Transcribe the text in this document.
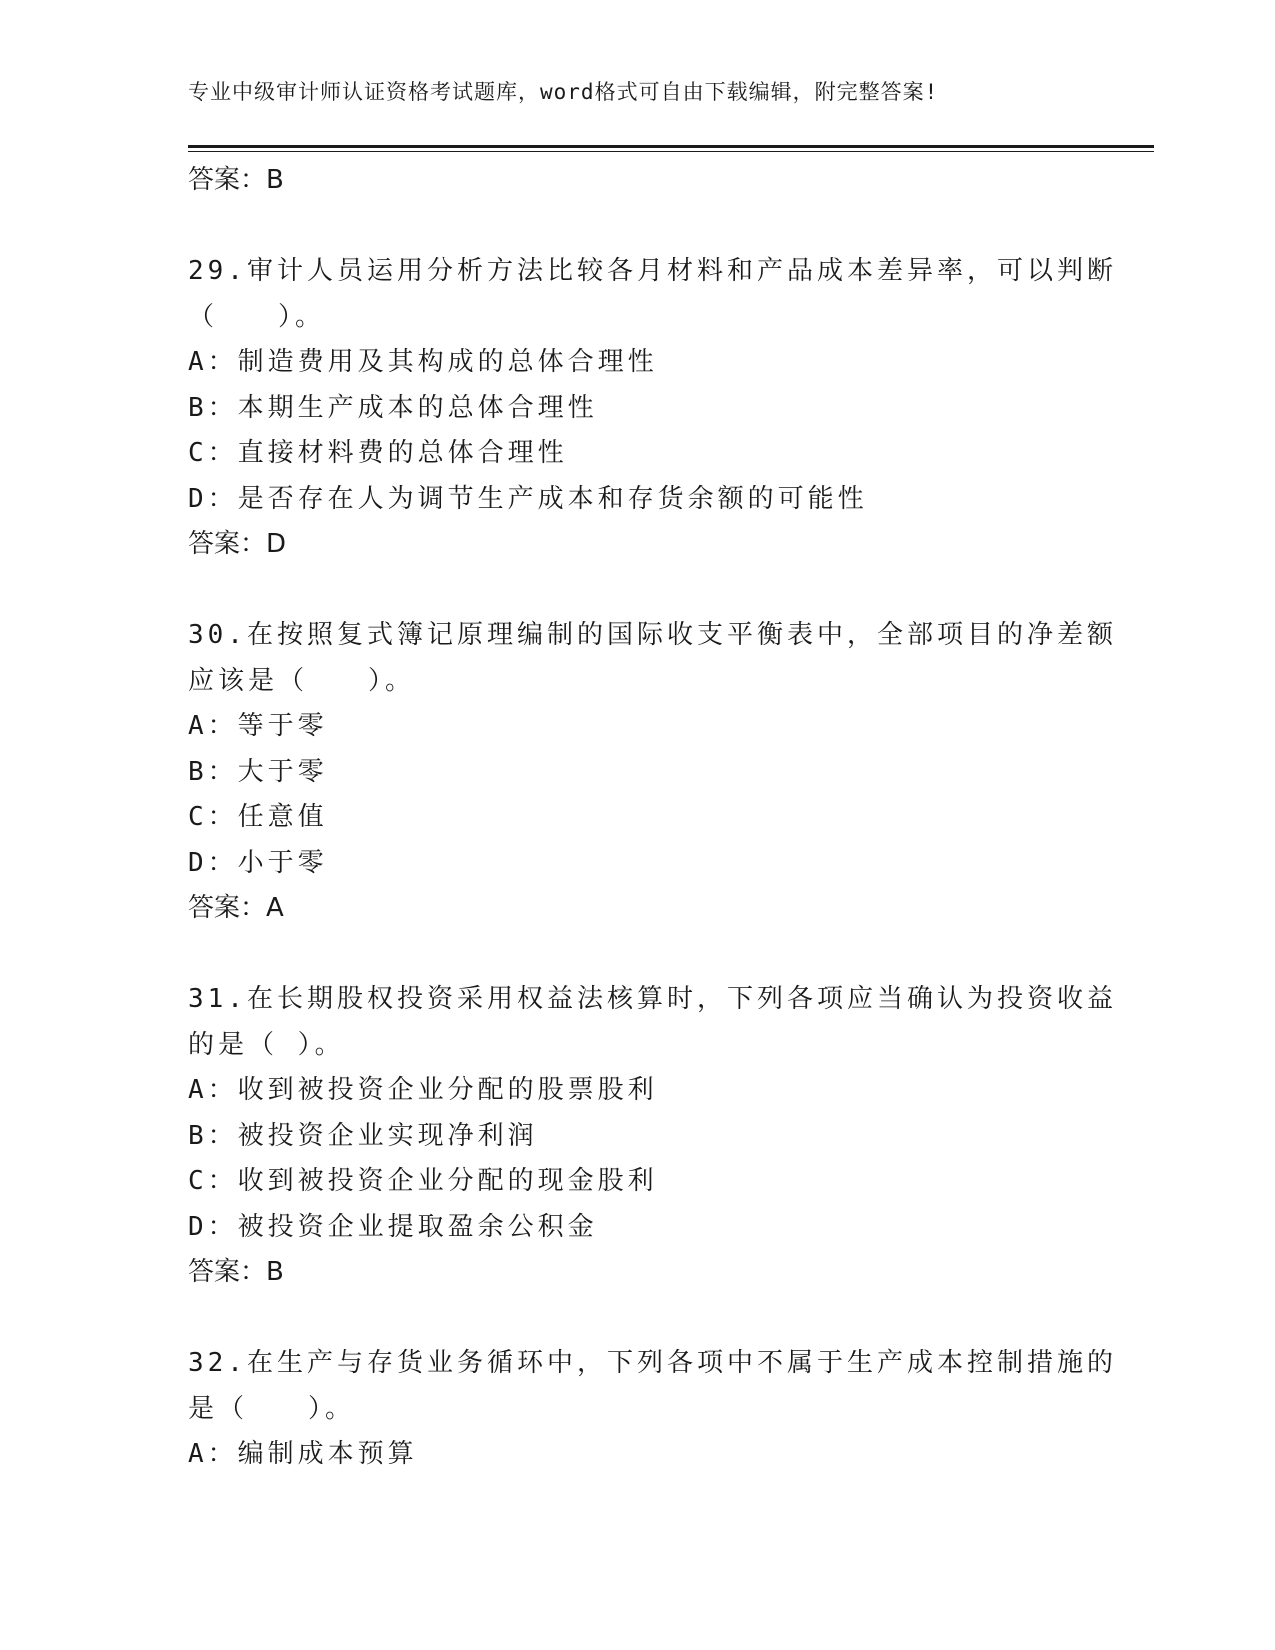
专业中级审计师认证资格考试题库，word格式可自由下载编辑，附完整答案!
答案：B
29.审计人员运用分析方法比较各月材料和产品成本差异率，可以判断
（　　）。
A：制造费用及其构成的总体合理性
B：本期生产成本的总体合理性
C：直接材料费的总体合理性
D：是否存在人为调节生产成本和存货余额的可能性
答案：D
30.在按照复式簿记原理编制的国际收支平衡表中，全部项目的净差额
应该是（　　）。
A：等于零
B：大于零
C：任意值
D：小于零
答案：A
31.在长期股权投资采用权益法核算时，下列各项应当确认为投资收益
的是（ ）。
A：收到被投资企业分配的股票股利
B：被投资企业实现净利润
C：收到被投资企业分配的现金股利
D：被投资企业提取盈余公积金
答案：B
32.在生产与存货业务循环中，下列各项中不属于生产成本控制措施的
是（　　）。
A：编制成本预算
